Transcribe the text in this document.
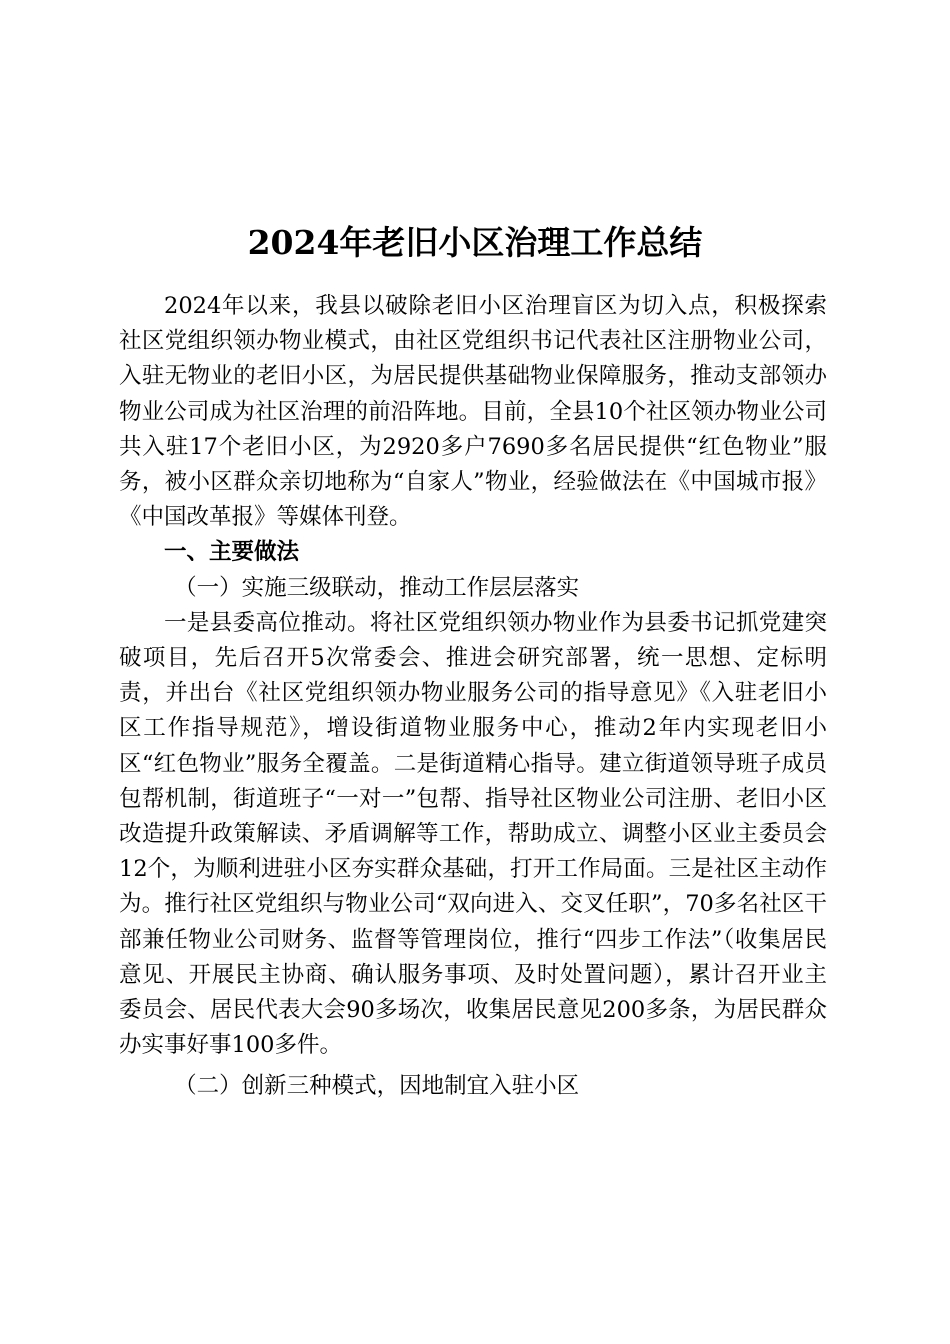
2024年老旧小区治理工作总结

2024年以来，我县以破除老旧小区治理盲区为切入点，积极探索社区党组织领办物业模式，由社区党组织书记代表社区注册物业公司，入驻无物业的老旧小区，为居民提供基础物业保障服务，推动支部领办物业公司成为社区治理的前沿阵地。目前，全县10个社区领办物业公司共入驻17个老旧小区，为2920多户7690多名居民提供“红色物业”服务，被小区群众亲切地称为“自家人”物业，经验做法在《中国城市报》《中国改革报》等媒体刊登。

一、主要做法
（一）实施三级联动，推动工作层层落实

一是县委高位推动。将社区党组织领办物业作为县委书记抓党建突破项目，先后召开5次常委会、推进会研究部署，统一思想、定标明责，并出台《社区党组织领办物业服务公司的指导意见》《入驻老旧小区工作指导规范》，增设街道物业服务中心，推动2年内实现老旧小区“红色物业”服务全覆盖。二是街道精心指导。建立街道领导班子成员包帮机制，街道班子“一对一”包帮、指导社区物业公司注册、老旧小区改造提升政策解读、矛盾调解等工作，帮助成立、调整小区业主委员会12个，为顺利进驻小区夯实群众基础，打开工作局面。三是社区主动作为。推行社区党组织与物业公司“双向进入、交叉任职”，70多名社区干部兼任物业公司财务、监督等管理岗位，推行“四步工作法”（收集居民意见、开展民主协商、确认服务事项、及时处置问题），累计召开业主委员会、居民代表大会90多场次，收集居民意见200多条，为居民群众办实事好事100多件。

（二）创新三种模式，因地制宜入驻小区
